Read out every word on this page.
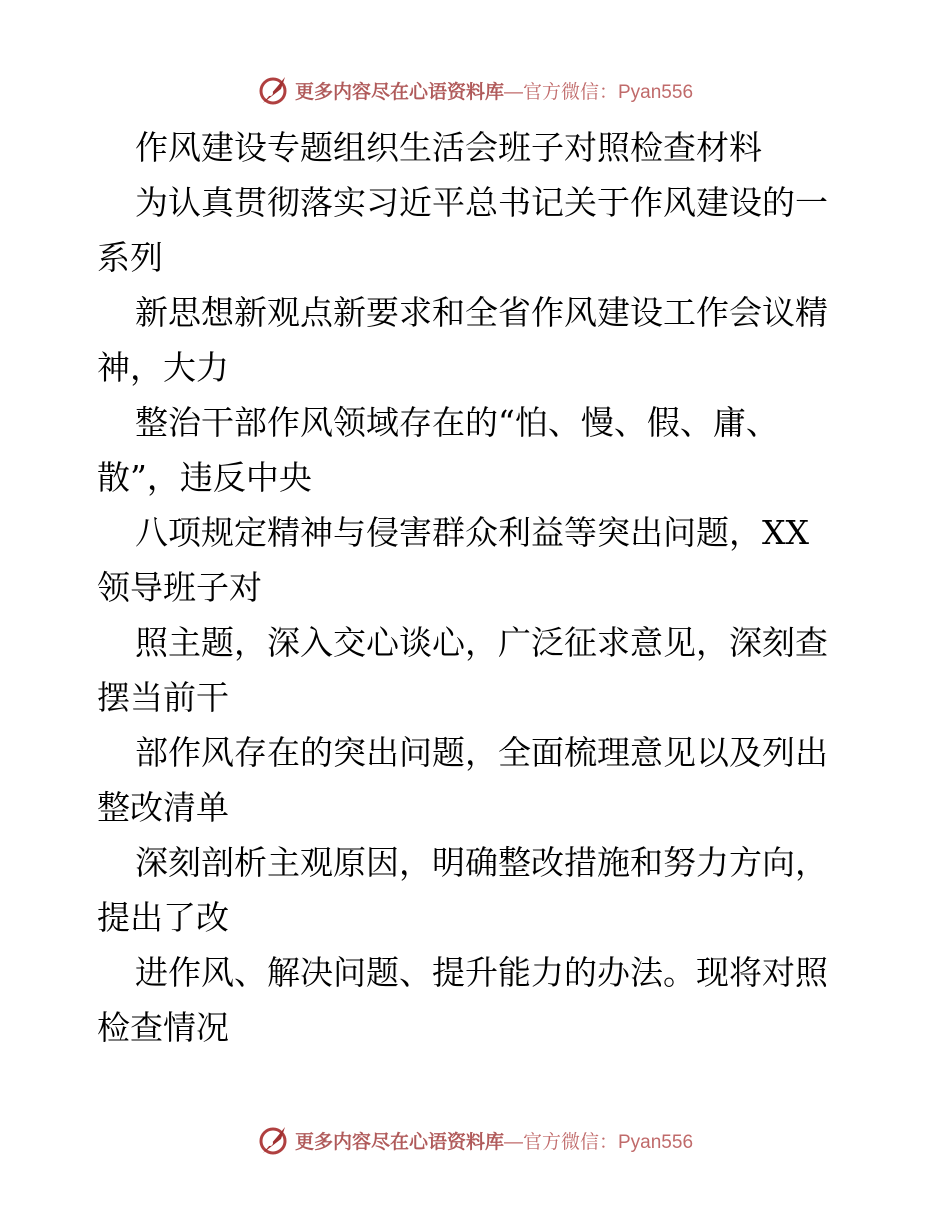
更多内容尽在心语资料库 —官方微信：Pyan556
作风建设专题组织生活会班子对照检查材料
为认真贯彻落实习近平总书记关于作风建设的一
系列
新思想新观点新要求和全省作风建设工作会议精
神，大力
整治干部作风领域存在的“怕、慢、假、庸、
散”，违反中央
八项规定精神与侵害群众利益等突出问题，XX
领导班子对
照主题，深入交心谈心，广泛征求意见，深刻查
摆当前干
部作风存在的突出问题，全面梳理意见以及列出
整改清单
深刻剖析主观原因，明确整改措施和努力方向，
提出了改
进作风、解决问题、提升能力的办法。现将对照
检查情况
更多内容尽在心语资料库 —官方微信：Pyan556
